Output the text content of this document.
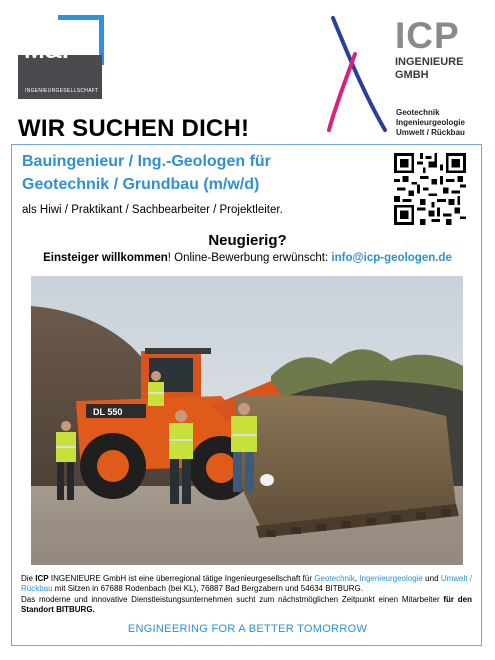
M&P
INGENIEURGESELLSCHAFT
ICP
INGENIEURE
GMBH
Geotechnik
Ingenieurgeologie
Umwelt / Rückbau
WIR SUCHEN DICH!
Bauingenieur / Ing.-Geologen für
Geotechnik / Grundbau (m/w/d)
als Hiwi / Praktikant / Sachbearbeiter / Projektleiter.
Neugierig?
Einsteiger willkommen! Online-Bewerbung erwünscht: info@icp-geologen.de
DL 550
Die ICP INGENIEURE GmbH ist eine überregional tätige Ingenieurgesellschaft für Geotechnik, Ingenieurgeologie und Umwelt / Rückbau mit Sitzen in 67688 Rodenbach (bei KL), 76887 Bad Bergzabern und 54634 BITBURG.
Das moderne und innovative Dienstleistungsunternehmen sucht zum nächstmöglichen Zeitpunkt einen Mitarbeiter für den Standort BITBURG.
ENGINEERING FOR A BETTER TOMORROW
